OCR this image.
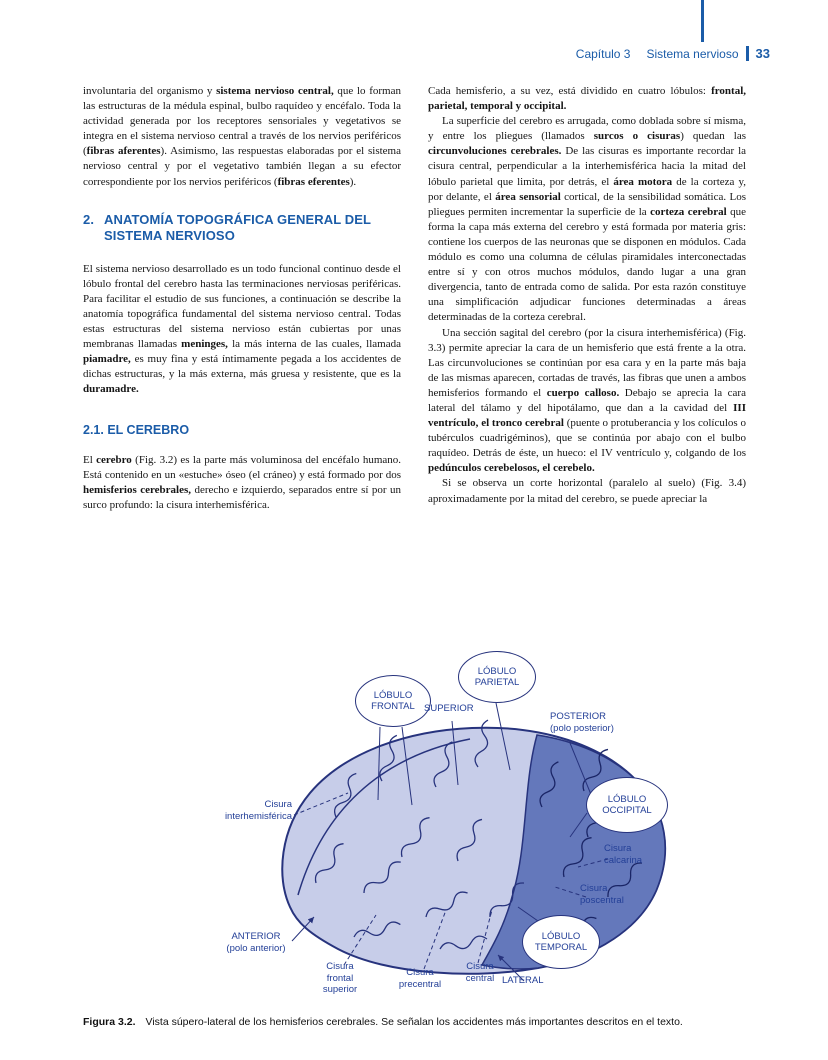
Capítulo 3 Sistema nervioso 33

involuntaria del organismo y sistema nervioso central, que lo forman las estructuras de la médula espinal, bulbo raquídeo y encéfalo. Toda la actividad generada por los receptores sensoriales y vegetativos se integra en el sistema nervioso central a través de los nervios periféricos (fibras aferentes). Asimismo, las respuestas elaboradas por el sistema nervioso central y por el vegetativo también llegan a su efector correspondiente por los nervios periféricos (fibras eferentes).

2. ANATOMÍA TOPOGRÁFICA GENERAL DEL SISTEMA NERVIOSO

El sistema nervioso desarrollado es un todo funcional continuo desde el lóbulo frontal del cerebro hasta las terminaciones nerviosas periféricas. Para facilitar el estudio de sus funciones, a continuación se describe la anatomía topográfica fundamental del sistema nervioso central. Todas estas estructuras del sistema nervioso están cubiertas por unas membranas llamadas meninges, la más interna de las cuales, llamada piamadre, es muy fina y está íntimamente pegada a los accidentes de dichas estructuras, y la más externa, más gruesa y resistente, que es la duramadre.

2.1. EL CEREBRO

El cerebro (Fig. 3.2) es la parte más voluminosa del encéfalo humano. Está contenido en un «estuche» óseo (el cráneo) y está formado por dos hemisferios cerebrales, derecho e izquierdo, separados entre sí por un surco profundo: la cisura interhemisférica.

Cada hemisferio, a su vez, está dividido en cuatro lóbulos: frontal, parietal, temporal y occipital.

La superficie del cerebro es arrugada, como doblada sobre sí misma, y entre los pliegues (llamados surcos o cisuras) quedan las circunvoluciones cerebrales. De las cisuras es importante recordar la cisura central, perpendicular a la interhemisférica hacia la mitad del lóbulo parietal que limita, por detrás, el área motora de la corteza y, por delante, el área sensorial cortical, de la sensibilidad somática. Los pliegues permiten incrementar la superficie de la corteza cerebral que forma la capa más externa del cerebro y está formada por materia gris: contiene los cuerpos de las neuronas que se disponen en módulos. Cada módulo es como una columna de células piramidales interconectadas entre sí y con otros muchos módulos, dando lugar a una gran divergencia, tanto de entrada como de salida. Por esta razón constituye una simplificación adjudicar funciones determinadas a áreas determinadas de la corteza cerebral.

Una sección sagital del cerebro (por la cisura interhemisférica) (Fig. 3.3) permite apreciar la cara de un hemisferio que está frente a la otra. Las circunvoluciones se continúan por esa cara y en la parte más baja de las mismas aparecen, cortadas de través, las fibras que unen a ambos hemisferios formando el cuerpo calloso. Debajo se aprecia la cara lateral del tálamo y del hipotálamo, que dan a la cavidad del III ventrículo, el tronco cerebral (puente o protuberancia y los colículos o tubérculos cuadrigéminos), que se continúa por abajo con el bulbo raquídeo. Detrás de éste, un hueco: el IV ventrículo y, colgando de los pedúnculos cerebelosos, el cerebelo.

Si se observa un corte horizontal (paralelo al suelo) (Fig. 3.4) aproximadamente por la mitad del cerebro, se puede apreciar la

LÓBULO
FRONTAL SUPERIOR
LÓBULO
PARIETAL
POSTERIOR
(polo posterior)
LÓBULO
OCCIPITAL
Cisura
calcarina
Cisura
poscentral
LÓBULO
TEMPORAL
LATERAL
Cisura
central
Cisura
precentral
Cisura
frontal
superior
Cisura
interhemisférica
ANTERIOR
(polo anterior)
Figura 3.2. Vista súpero-lateral de los hemisferios cerebrales. Se señalan los accidentes más importantes descritos en el texto.
